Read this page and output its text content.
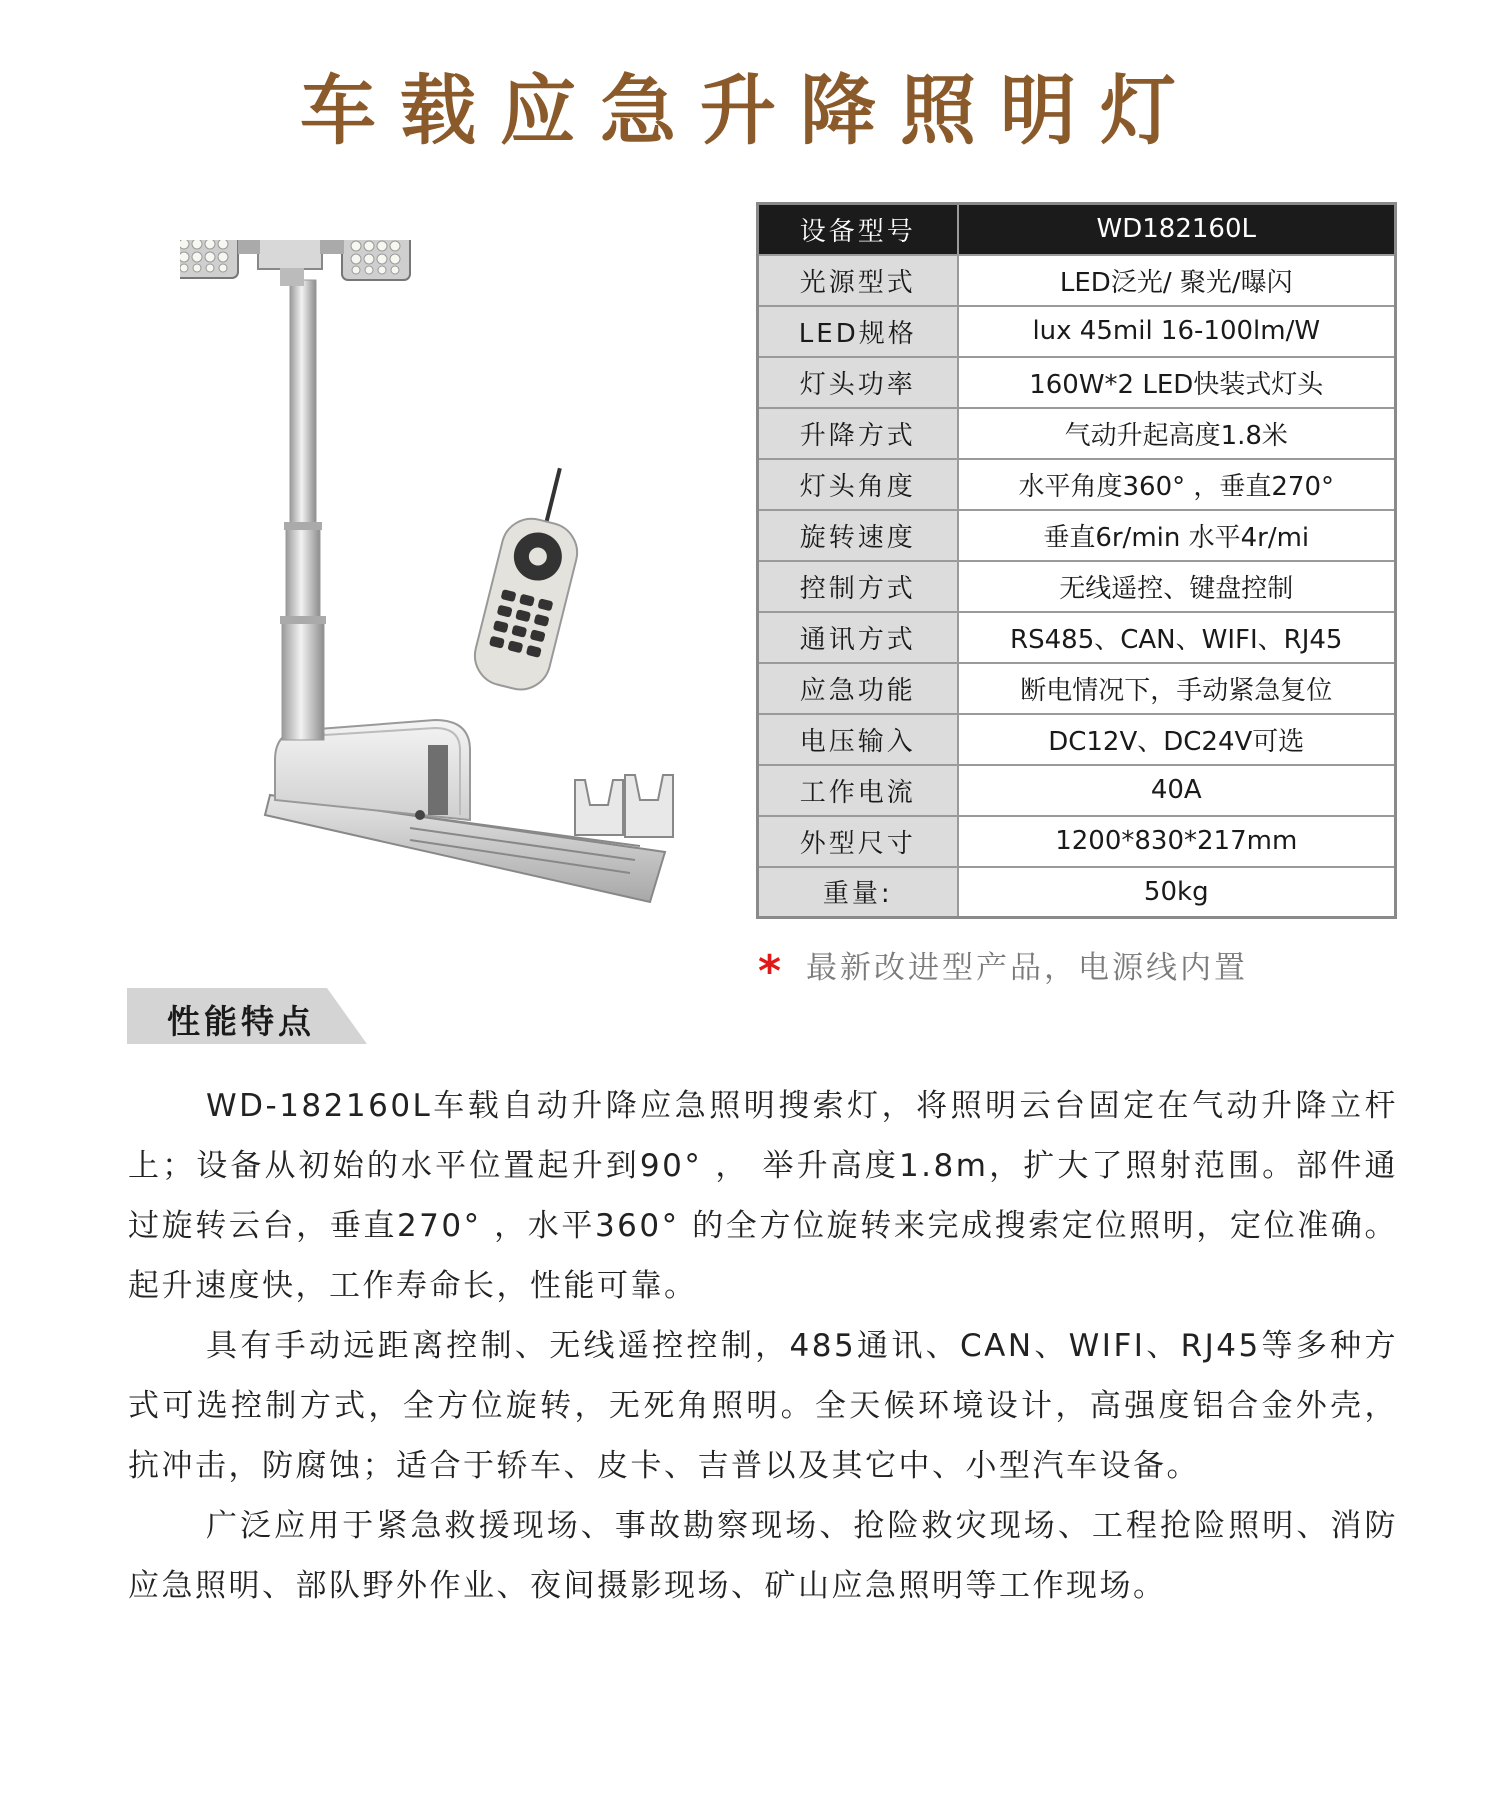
车载应急升降照明灯
设备型号	WD182160L
光源型式	LED泛光/ 聚光/曝闪
LED规格	lux 45mil 16-100lm/W
灯头功率	160W*2 LED快装式灯头
升降方式	气动升起高度1.8米
灯头角度	水平角度360° ，垂直270°
旋转速度	垂直6r/min 水平4r/mi
控制方式	无线遥控、键盘控制
通讯方式	RS485、CAN、WIFI、RJ45
应急功能	断电情况下，手动紧急复位
电压输入	DC12V、DC24V可选
工作电流	40A
外型尺寸	1200*830*217mm
重量:	50kg
* 最新改进型产品，电源线内置
性能特点

WD-182160L车载自动升降应急照明搜索灯，将照明云台固定在气动升降立杆上；设备从初始的水平位置起升到90° ， 举升高度1.8m，扩大了照射范围。部件通过旋转云台，垂直270° ，水平360° 的全方位旋转来完成搜索定位照明，定位准确。起升速度快，工作寿命长，性能可靠。

具有手动远距离控制、无线遥控控制，485通讯、CAN、WIFI、RJ45等多种方式可选控制方式，全方位旋转，无死角照明。全天候环境设计，高强度铝合金外壳，抗冲击，防腐蚀；适合于轿车、皮卡、吉普以及其它中、小型汽车设备。

广泛应用于紧急救援现场、事故勘察现场、抢险救灾现场、工程抢险照明、消防应急照明、部队野外作业、夜间摄影现场、矿山应急照明等工作现场。
